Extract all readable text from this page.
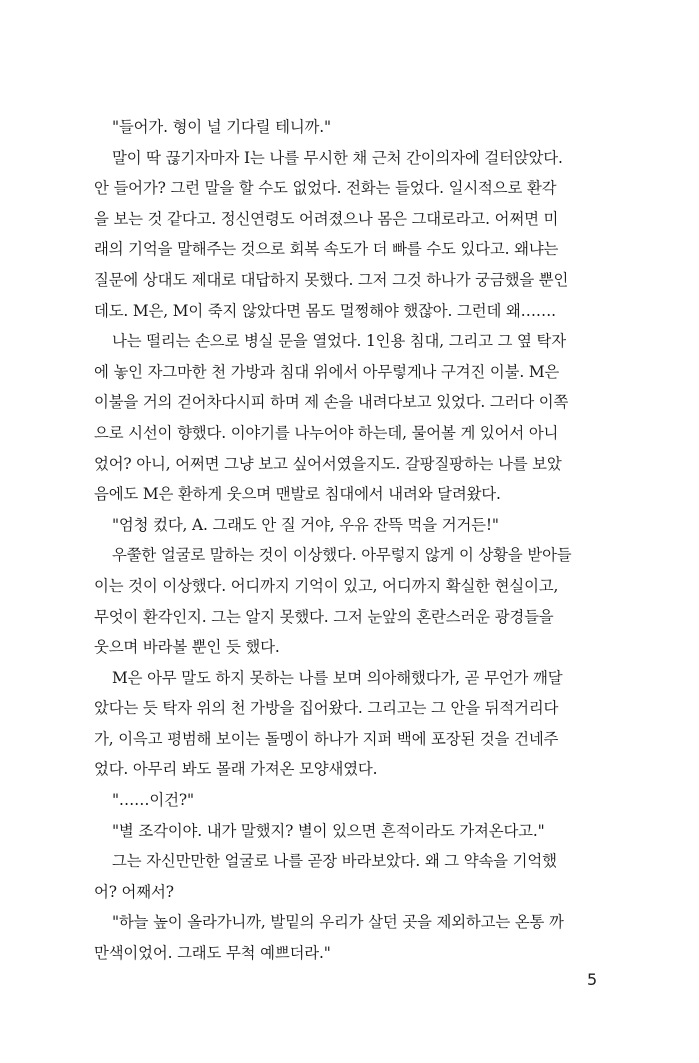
"들어가. 형이 널 기다릴 테니까."
말이 딱 끊기자마자 I는 나를 무시한 채 근처 간이의자에 걸터앉았다.
안 들어가? 그런 말을 할 수도 없었다. 전화는 들었다. 일시적으로 환각
을 보는 것 같다고. 정신연령도 어려졌으나 몸은 그대로라고. 어쩌면 미
래의 기억을 말해주는 것으로 회복 속도가 더 빠를 수도 있다고. 왜냐는
질문에 상대도 제대로 대답하지 못했다. 그저 그것 하나가 궁금했을 뿐인
데도. M은, M이 죽지 않았다면 몸도 멀쩡해야 했잖아. 그런데 왜…….
나는 떨리는 손으로 병실 문을 열었다. 1인용 침대, 그리고 그 옆 탁자
에 놓인 자그마한 천 가방과 침대 위에서 아무렇게나 구겨진 이불. M은
이불을 거의 걷어차다시피 하며 제 손을 내려다보고 있었다. 그러다 이쪽
으로 시선이 향했다. 이야기를 나누어야 하는데, 물어볼 게 있어서 아니
었어? 아니, 어쩌면 그냥 보고 싶어서였을지도. 갈팡질팡하는 나를 보았
음에도 M은 환하게 웃으며 맨발로 침대에서 내려와 달려왔다.
"엄청 컸다, A. 그래도 안 질 거야, 우유 잔뜩 먹을 거거든!"
우쭐한 얼굴로 말하는 것이 이상했다. 아무렇지 않게 이 상황을 받아들
이는 것이 이상했다. 어디까지 기억이 있고, 어디까지 확실한 현실이고,
무엇이 환각인지. 그는 알지 못했다. 그저 눈앞의 혼란스러운 광경들을
웃으며 바라볼 뿐인 듯 했다.
M은 아무 말도 하지 못하는 나를 보며 의아해했다가, 곧 무언가 깨달
았다는 듯 탁자 위의 천 가방을 집어왔다. 그리고는 그 안을 뒤적거리다
가, 이윽고 평범해 보이는 돌멩이 하나가 지퍼 백에 포장된 것을 건네주
었다. 아무리 봐도 몰래 가져온 모양새였다.
"……이건?"
"별 조각이야. 내가 말했지? 별이 있으면 흔적이라도 가져온다고."
그는 자신만만한 얼굴로 나를 곧장 바라보았다. 왜 그 약속을 기억했
어? 어째서?
"하늘 높이 올라가니까, 발밑의 우리가 살던 곳을 제외하고는 온통 까
만색이었어. 그래도 무척 예쁘더라."
5
